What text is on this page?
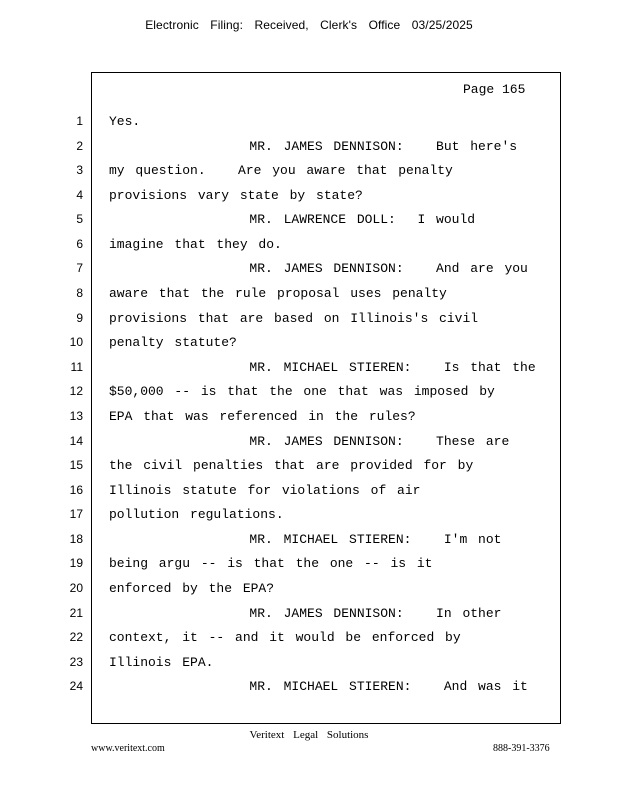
Electronic Filing: Received, Clerk's Office 03/25/2025
Page 165
1 Yes.
2 MR. JAMES DENNISON:   But here's
3 my question.   Are you aware that penalty
4 provisions vary state by state?
5 MR. LAWRENCE DOLL:  I would
6 imagine that they do.
7 MR. JAMES DENNISON:   And are you
8 aware that the rule proposal uses penalty
9 provisions that are based on Illinois's civil
10 penalty statute?
11 MR. MICHAEL STIEREN:   Is that the
12 $50,000 -- is that the one that was imposed by
13 EPA that was referenced in the rules?
14 MR. JAMES DENNISON:   These are
15 the civil penalties that are provided for by
16 Illinois statute for violations of air
17 pollution regulations.
18 MR. MICHAEL STIEREN:   I'm not
19 being argu -- is that the one -- is it
20 enforced by the EPA?
21 MR. JAMES DENNISON:   In other
22 context, it -- and it would be enforced by
23 Illinois EPA.
24 MR. MICHAEL STIEREN:   And was it
Veritext Legal Solutions
www.veritext.com	888-391-3376
